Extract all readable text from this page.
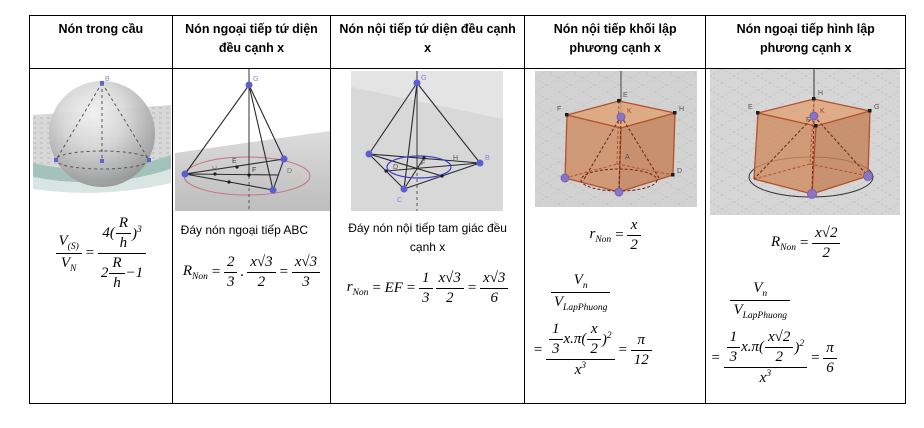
Nón trong cầu
B
$\frac{V_{(S)}}{V_N} = \frac{4( \frac{R}{h} )^3}{2 \frac{R}{h} -1}$
Nón ngoại tiếp tứ diện đều cạnh x
G
E
F
H	D
Đáy nón ngoại tiếp ABC
$R_{Non} = \frac{2}{3}$ . $\frac{x√3}{2} = \frac{x√3}{3}$
Nón nội tiếp tứ diện đều cạnh x
G
B
F
D
H
C
Đáy nón nội tiếp tam giác đều cạnh x
$r_{Non}$ = EF = $\frac{1}{3} \frac{x√3}{2} = \frac{x√3}{6}$
Nón nội tiếp khối lập phương cạnh x
E
F	H
D
A
K
$r_{Non} = \frac{x}{2}$
$\frac{V_n}{V_{LapPhuong}}$
= $\frac{\frac{1}{3} x.\pi( \frac{x}{2} )^2}{x^3} = \frac{\pi}{12}$
Nón ngoại tiếp hình lập phương cạnh x
E
H
G
F
K
$R_{Non} = \frac{x√2}{2}$
$\frac{V_n}{V_{LapPhuong}}$
= $\frac{\frac{1}{3} x.\pi( \frac{x√2}{2} )^2}{x^3} = \frac{\pi}{6}$
